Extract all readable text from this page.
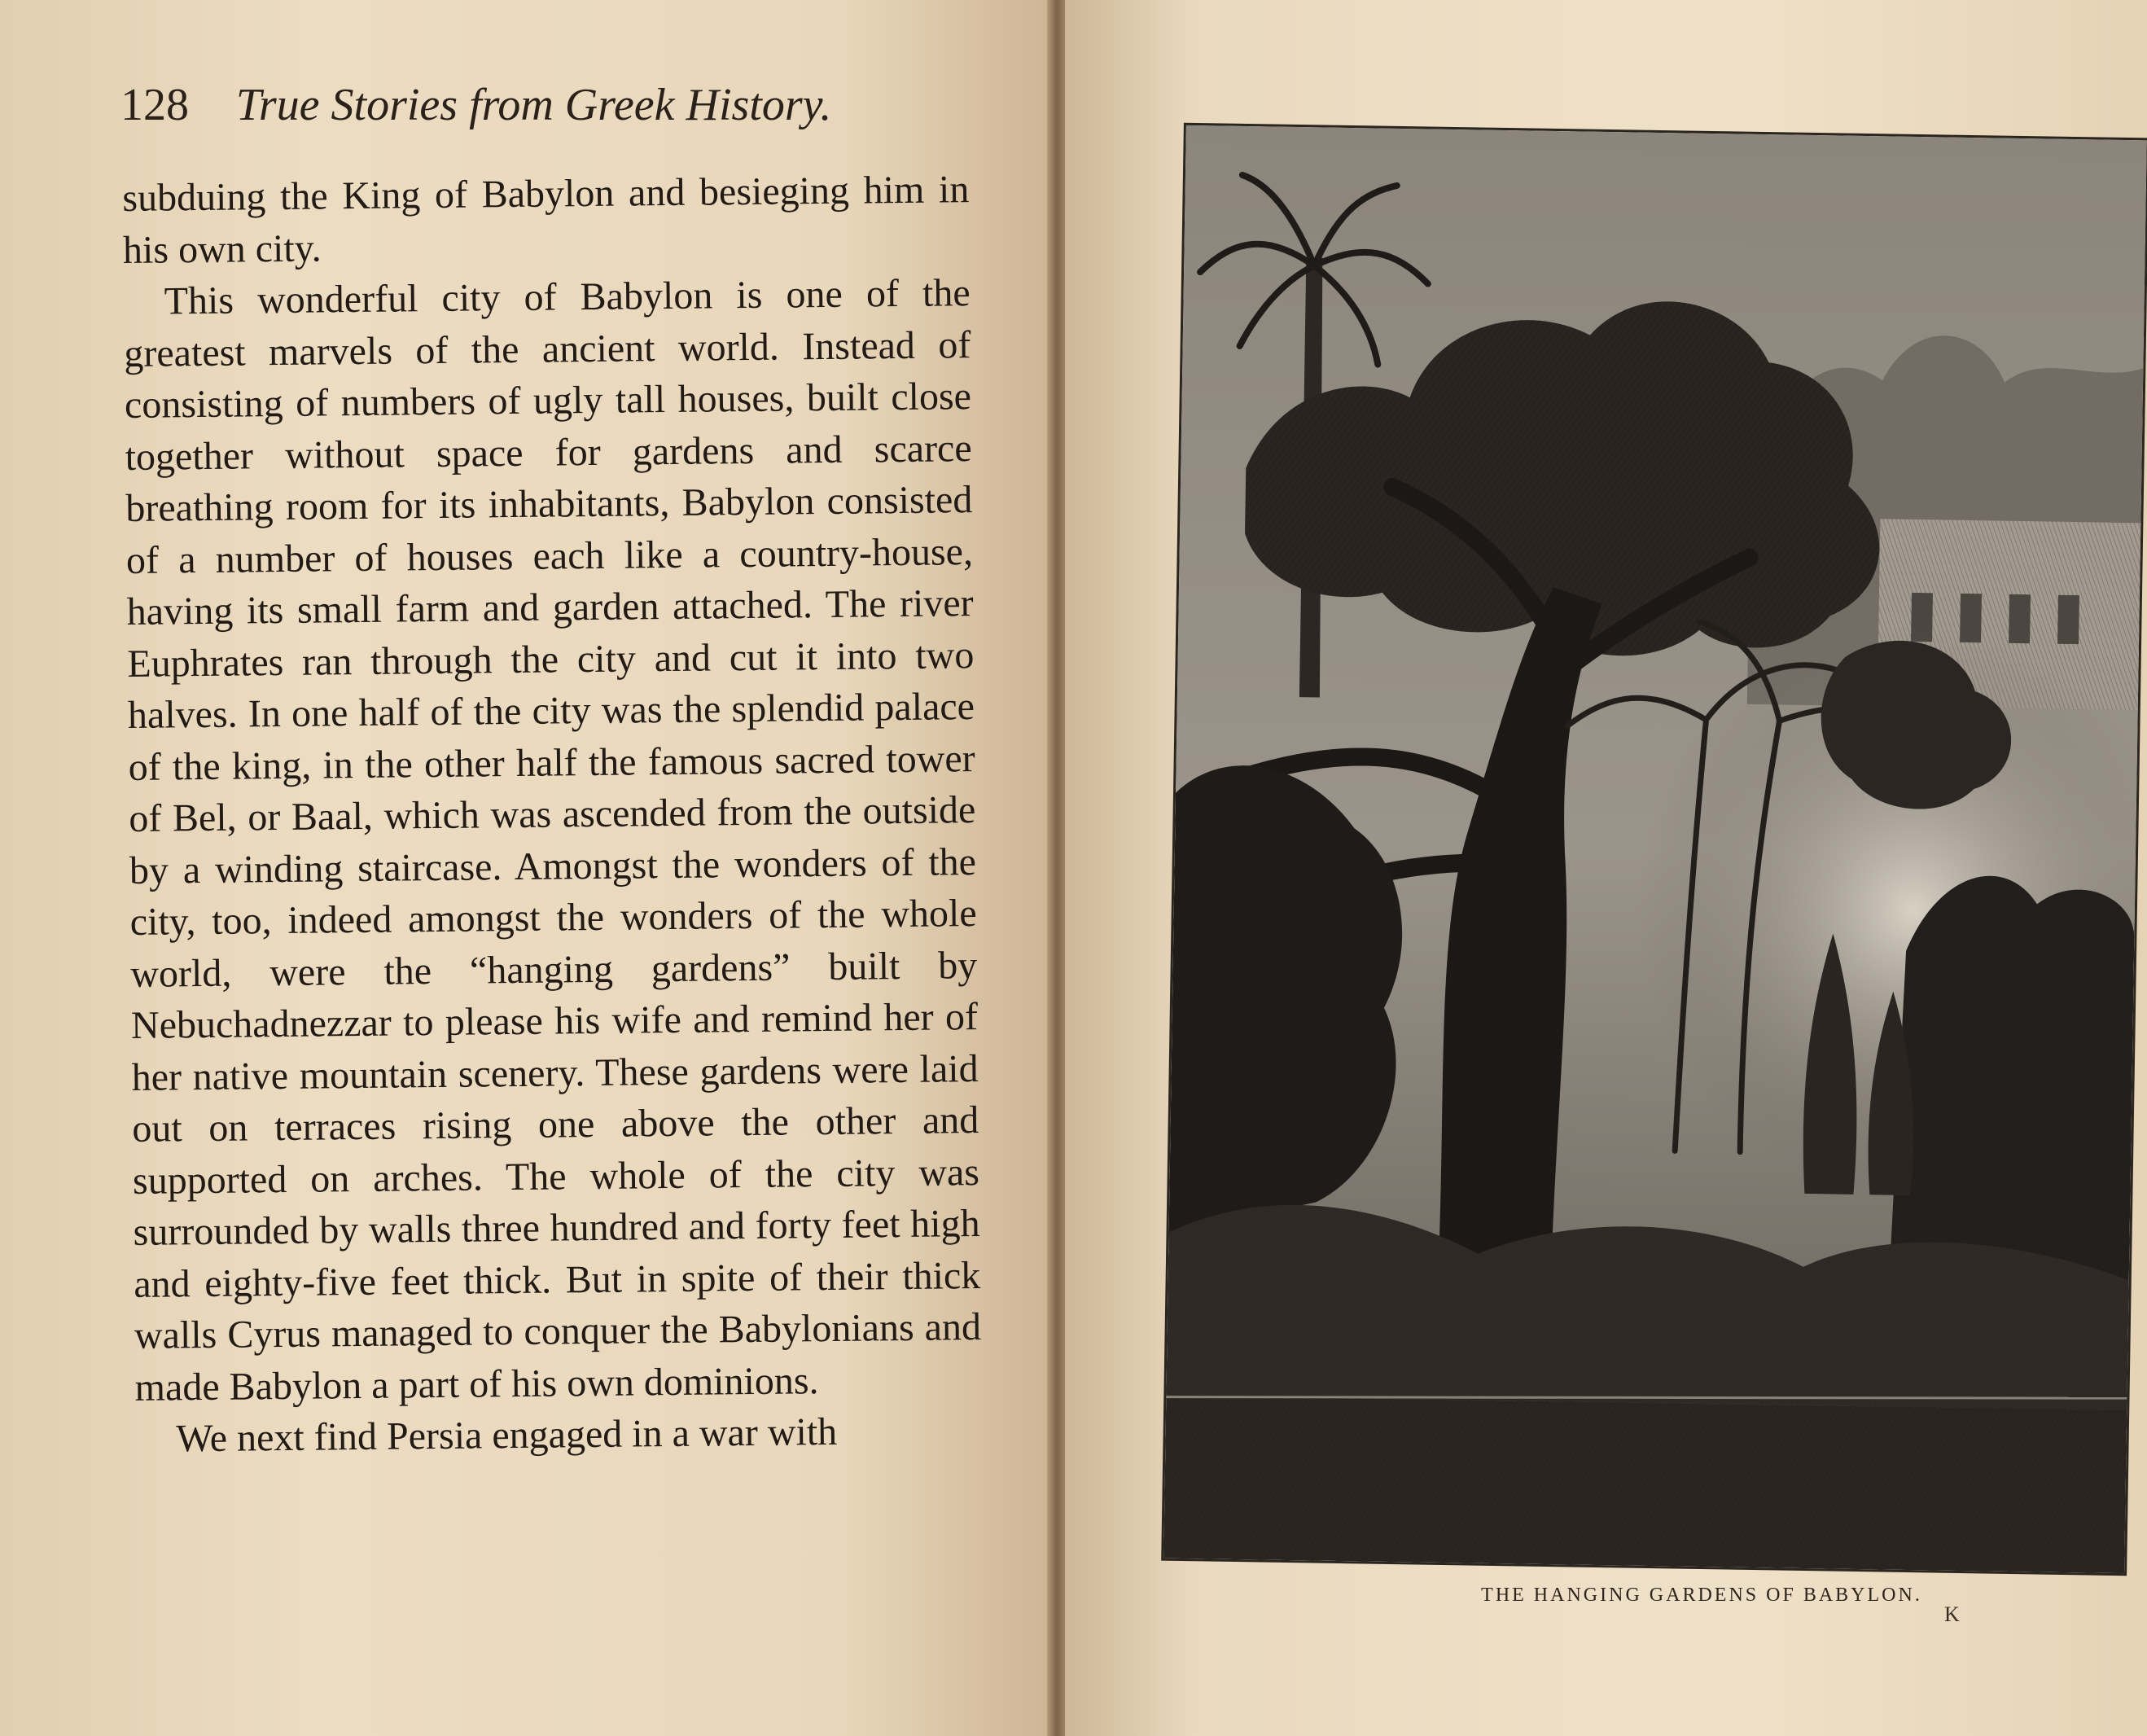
128 True Stories from Greek History.

subduing the King of Babylon and besieging him in his own city.

This wonderful city of Babylon is one of the greatest marvels of the ancient world. Instead of consisting of numbers of ugly tall houses, built close together without space for gardens and scarce breathing room for its inhabitants, Babylon consisted of a number of houses each like a country-house, having its small farm and garden attached. The river Euphrates ran through the city and cut it into two halves. In one half of the city was the splendid palace of the king, in the other half the famous sacred tower of Bel, or Baal, which was ascended from the outside by a winding staircase. Amongst the wonders of the city, too, indeed amongst the wonders of the whole world, were the “hanging gardens” built by Nebuchadnezzar to please his wife and remind her of her native mountain scenery. These gardens were laid out on terraces rising one above the other and supported on arches. The whole of the city was surrounded by walls three hundred and forty feet high and eighty-five feet thick. But in spite of their thick walls Cyrus managed to conquer the Babylonians and made Babylon a part of his own dominions.

We next find Persia engaged in a war with

THE HANGING GARDENS OF BABYLON.
K
